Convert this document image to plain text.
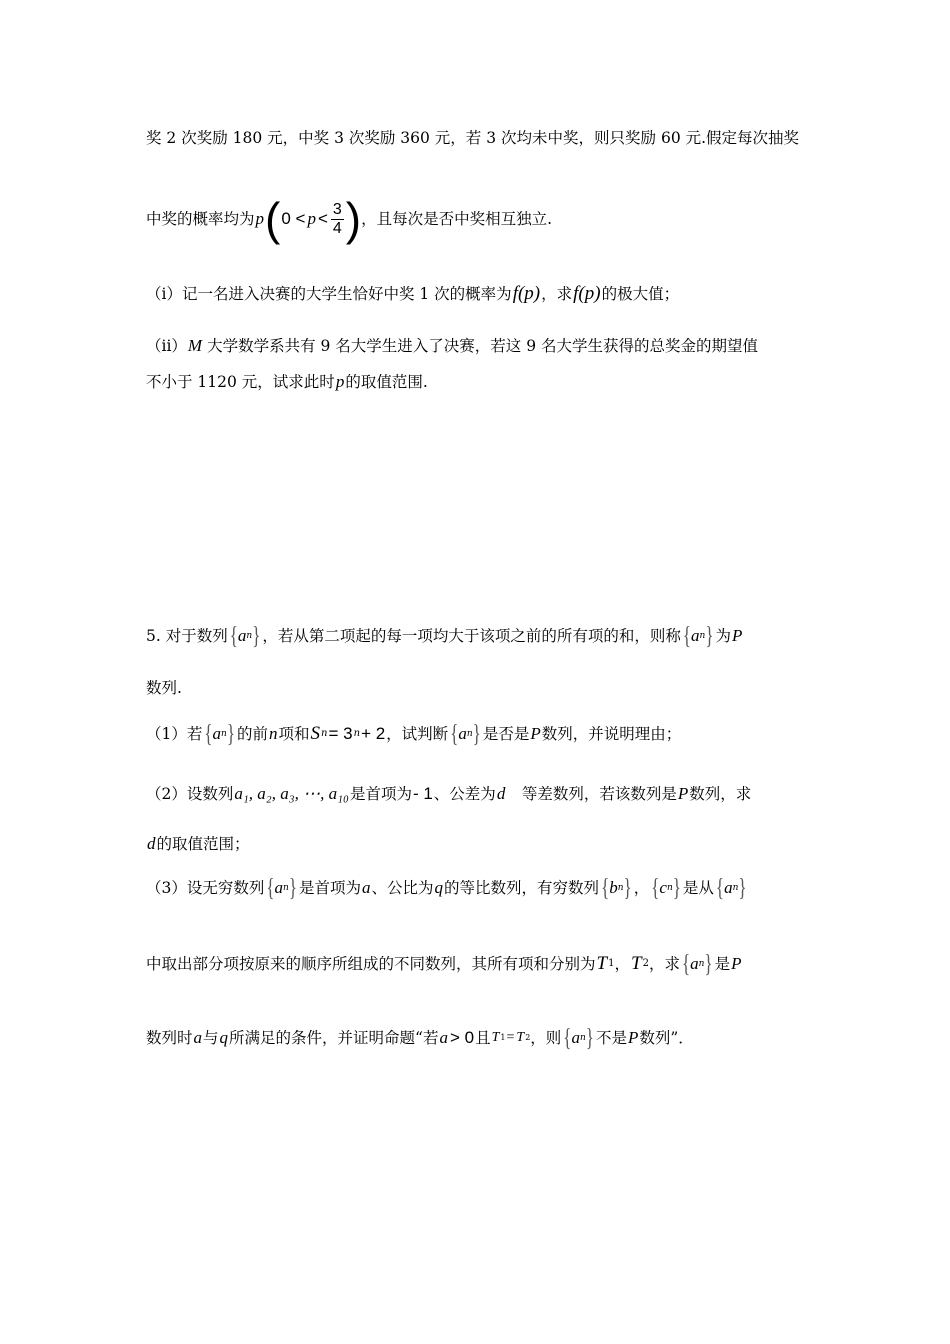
奖 2 次奖励 180 元，中奖 3 次奖励 360 元，若 3 次均未中奖，则只奖励 60 元.假定每次抽奖
中奖的概率均为 p ( $0 < p < \frac{3}{4}$ ) ，且每次是否中奖相互独立.
（i）记一名进入决赛的大学生恰好中奖 1 次的概率为 f(p) ，求 f(p) 的极大值；
（ii） M 大学数学系共有 9 名大学生进入了决赛，若这 9 名大学生获得的总奖金的期望值
不小于 1120 元，试求此时 p 的取值范围.
5. 对于数列 { a n } ，若从第二项起的每一项均大于该项之前的所有项的和，则称 { a n } 为 P
数列.
（1）若 { a n } 的前 n 项和 S n = 3 n + 2 ，试判断 { a n } 是否是 P 数列，并说明理由；
（2）设数列 a₁, a₂, a₃, ⋯, a₁₀ 是首项为 - 1 、公差为 d 　等差数列，若该数列是 P 数列，求
d 的取值范围；
（3）设无穷数列 { a n } 是首项为 a 、公比为 q 的等比数列，有穷数列 { b n } ， { c n } 是从 { a n }
中取出部分项按原来的顺序所组成的不同数列，其所有项和分别为 T 1 ， T 2 ，求 { a n } 是 P
数列时 a 与 q 所满足的条件，并证明命题“若 a > 0 且 T 1 = T 2 ，则 { a n } 不是 P 数列”．
